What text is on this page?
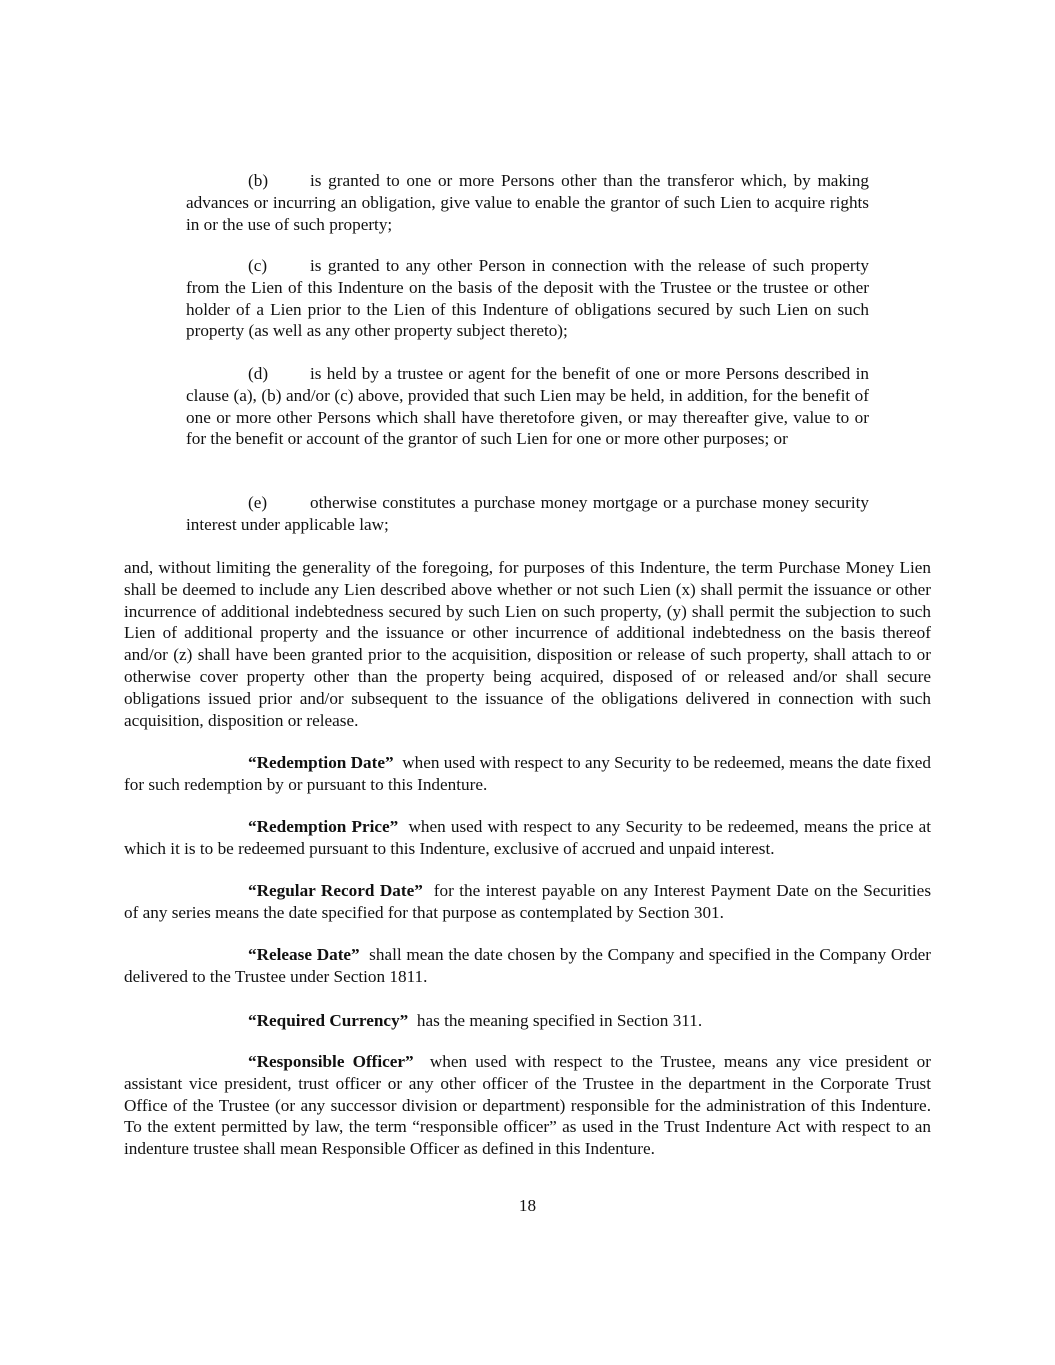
(b) is granted to one or more Persons other than the transferor which, by making advances or incurring an obligation, give value to enable the grantor of such Lien to acquire rights in or the use of such property;

(c) is granted to any other Person in connection with the release of such property from the Lien of this Indenture on the basis of the deposit with the Trustee or the trustee or other holder of a Lien prior to the Lien of this Indenture of obligations secured by such Lien on such property (as well as any other property subject thereto);

(d) is held by a trustee or agent for the benefit of one or more Persons described in clause (a), (b) and/or (c) above, provided that such Lien may be held, in addition, for the benefit of one or more other Persons which shall have theretofore given, or may thereafter give, value to or for the benefit or account of the grantor of such Lien for one or more other purposes; or

(e) otherwise constitutes a purchase money mortgage or a purchase money security interest under applicable law;

and, without limiting the generality of the foregoing, for purposes of this Indenture, the term Purchase Money Lien shall be deemed to include any Lien described above whether or not such Lien (x) shall permit the issuance or other incurrence of additional indebtedness secured by such Lien on such property, (y) shall permit the subjection to such Lien of additional property and the issuance or other incurrence of additional indebtedness on the basis thereof and/or (z) shall have been granted prior to the acquisition, disposition or release of such property, shall attach to or otherwise cover property other than the property being acquired, disposed of or released and/or shall secure obligations issued prior and/or subsequent to the issuance of the obligations delivered in connection with such acquisition, disposition or release.

“Redemption Date” when used with respect to any Security to be redeemed, means the date fixed for such redemption by or pursuant to this Indenture.

“Redemption Price” when used with respect to any Security to be redeemed, means the price at which it is to be redeemed pursuant to this Indenture, exclusive of accrued and unpaid interest.

“Regular Record Date” for the interest payable on any Interest Payment Date on the Securities of any series means the date specified for that purpose as contemplated by Section 301.

“Release Date” shall mean the date chosen by the Company and specified in the Company Order delivered to the Trustee under Section 1811.

“Required Currency” has the meaning specified in Section 311.

“Responsible Officer” when used with respect to the Trustee, means any vice president or assistant vice president, trust officer or any other officer of the Trustee in the department in the Corporate Trust Office of the Trustee (or any successor division or department) responsible for the administration of this Indenture. To the extent permitted by law, the term “responsible officer” as used in the Trust Indenture Act with respect to an indenture trustee shall mean Responsible Officer as defined in this Indenture.

18
